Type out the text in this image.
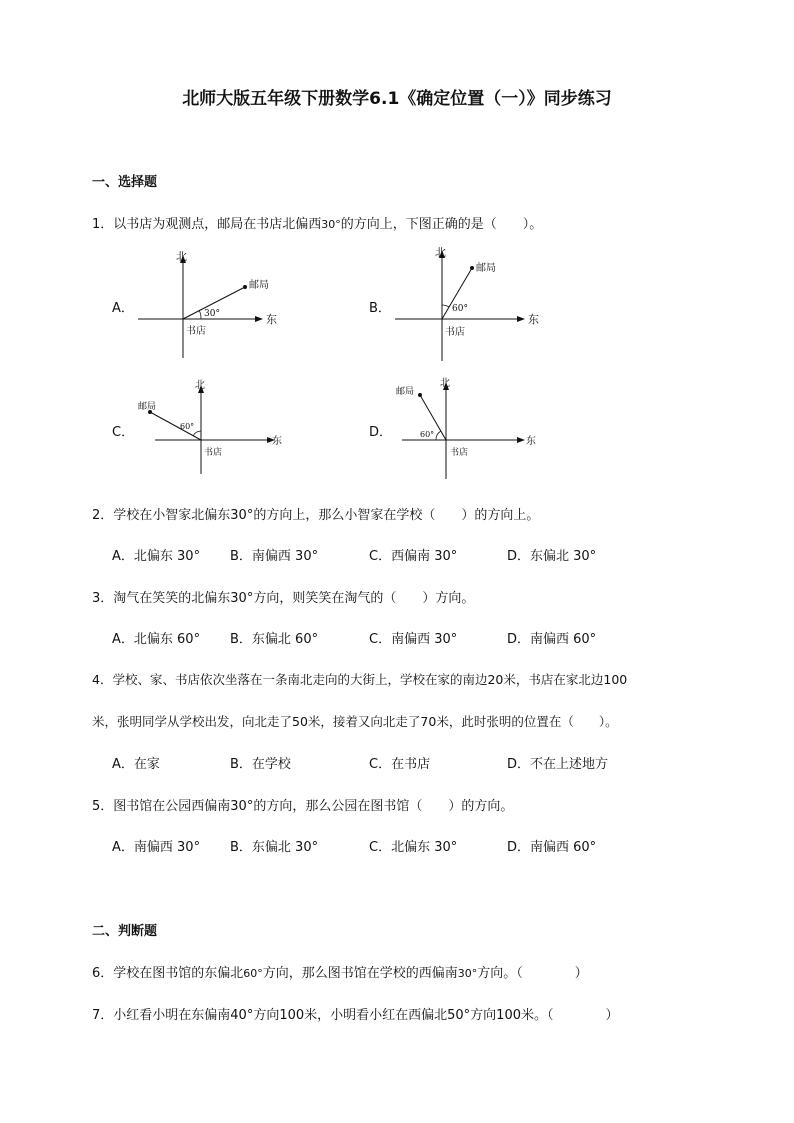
北师大版五年级下册数学6.1《确定位置（一）》同步练习
一、选择题
1．以书店为观测点，邮局在书店北偏西30°的方向上，下图正确的是（　　）。
A．
北
东
邮局
书店
30°	B．
北
东
邮局
书店
60°
C．
北
东
邮局
书店
60°	D．
北
东
邮局
书店
60°
2．学校在小智家北偏东30°的方向上，那么小智家在学校（　　）的方向上。
A．北偏东 30° B．南偏西 30°	C．西偏南 30°	D．东偏北 30°
3．淘气在笑笑的北偏东30°方向，则笑笑在淘气的（　　）方向。
A．北偏东 60° B．东偏北 60°	C．南偏西 30°	D．南偏西 60°
4．学校、家、书店依次坐落在一条南北走向的大街上，学校在家的南边20米，书店在家北边100
米，张明同学从学校出发，向北走了50米，接着又向北走了70米，此时张明的位置在（　　）。
A．在家	B．在学校	C．在书店	D．不在上述地方
5．图书馆在公园西偏南30°的方向，那么公园在图书馆（　　）的方向。
A．南偏西 30° B．东偏北 30°	C．北偏东 30°	D．南偏西 60°
二、判断题
6．学校在图书馆的东偏北60°方向，那么图书馆在学校的西偏南30°方向。（　　　　）
7．小红看小明在东偏南40°方向100米，小明看小红在西偏北50°方向100米。（　　　　）
